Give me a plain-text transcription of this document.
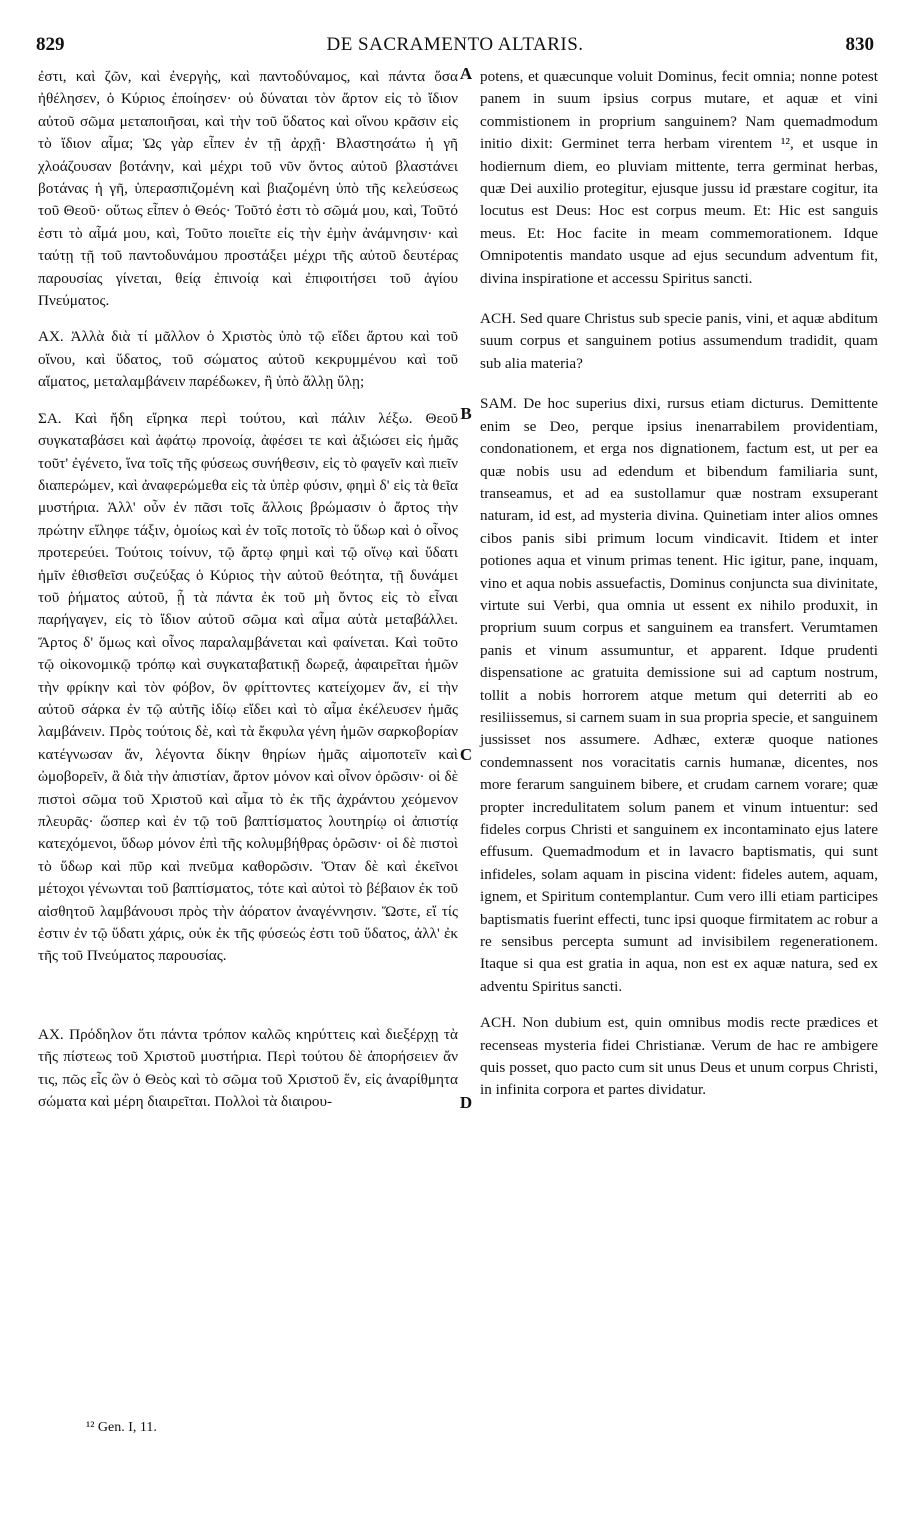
829	DE SACRAMENTO ALTARIS.	830

ἐστι, καὶ ζῶν, καὶ ἐνεργὴς, καὶ παντοδύναμος, καὶ πάντα ὅσα ἠθέλησεν, ὁ Κύριος ἐποίησεν· οὐ δύναται τὸν ἄρτον εἰς τὸ ἴδιον αὐτοῦ σῶμα μεταποιῆσαι, καὶ τὴν τοῦ ὕδατος καὶ οἴνου κρᾶσιν εἰς τὸ ἴδιον αἷμα; Ὡς γὰρ εἶπεν ἐν τῇ ἀρχῇ· Βλαστησάτω ἡ γῆ χλοάζουσαν βοτάνην, καὶ μέχρι τοῦ νῦν ὄντος αὐτοῦ βλαστάνει βοτάνας ἡ γῆ, ὑπερασπιζομένη καὶ βιαζομένη ὑπὸ τῆς κελεύσεως τοῦ Θεοῦ· οὕτως εἶπεν ὁ Θεός· Τοῦτό ἐστι τὸ σῶμά μου, καὶ, Τοῦτό ἐστι τὸ αἷμά μου, καὶ, Τοῦτο ποιεῖτε εἰς τὴν ἐμὴν ἀνάμνησιν· καὶ ταύτῃ τῇ τοῦ παντοδυνάμου προστάξει μέχρι τῆς αὐτοῦ δευτέρας παρουσίας γίνεται, θείᾳ ἐπινοίᾳ καὶ ἐπιφοιτήσει τοῦ ἁγίου Πνεύματος.

ΑΧ. Ἀλλὰ διὰ τί μᾶλλον ὁ Χριστὸς ὑπὸ τῷ εἴδει ἄρτου καὶ τοῦ οἴνου, καὶ ὕδατος, τοῦ σώματος αὐτοῦ κεκρυμμένου καὶ τοῦ αἵματος, μεταλαμβάνειν παρέδωκεν, ἢ ὑπὸ ἄλλῃ ὕλῃ;

ΣΑ. Καὶ ἤδη εἴρηκα περὶ τούτου, καὶ πάλιν λέξω. Θεοῦ συγκαταβάσει καὶ ἀφάτῳ προνοίᾳ, ἀφέσει τε καὶ ἀξιώσει εἰς ἡμᾶς τοῦτ' ἐγένετο, ἵνα τοῖς τῆς φύσεως συνήθεσιν, εἰς τὸ φαγεῖν καὶ πιεῖν διαπερώμεν, καὶ ἀναφερώμεθα εἰς τὰ ὑπὲρ φύσιν, φημὶ δ' εἰς τὰ θεῖα μυστήρια. Ἀλλ' οὖν ἐν πᾶσι τοῖς ἄλλοις βρώμασιν ὁ ἄρτος τὴν πρώτην εἴληφε τάξιν, ὁμοίως καὶ ἐν τοῖς ποτοῖς τὸ ὕδωρ καὶ ὁ οἶνος προτερεύει. Τούτοις τοίνυν, τῷ ἄρτῳ φημὶ καὶ τῷ οἴνῳ καὶ ὕδατι ἡμῖν ἐθισθεῖσι συζεύξας ὁ Κύριος τὴν αὐτοῦ θεότητα, τῇ δυνάμει τοῦ ῥήματος αὐτοῦ, ᾗ τὰ πάντα ἐκ τοῦ μὴ ὄντος εἰς τὸ εἶναι παρήγαγεν, εἰς τὸ ἴδιον αὐτοῦ σῶμα καὶ αἷμα αὐτὰ μεταβάλλει. Ἄρτος δ' ὅμως καὶ οἶνος παραλαμβάνεται καὶ φαίνεται. Καὶ τοῦτο τῷ οἰκονομικῷ τρόπῳ καὶ συγκαταβατικῇ δωρεᾷ, ἀφαιρεῖται ἡμῶν τὴν φρίκην καὶ τὸν φόβον, ὃν φρίττοντες κατείχομεν ἄν, εἰ τὴν αὐτοῦ σάρκα ἐν τῷ αὐτῆς ἰδίῳ εἴδει καὶ τὸ αἷμα ἐκέλευσεν ἡμᾶς λαμβάνειν. Πρὸς τούτοις δὲ, καὶ τὰ ἔκφυλα γένη ἡμῶν σαρκοβορίαν κατέγνωσαν ἄν, λέγοντα δίκην θηρίων ἡμᾶς αἱμοποτεῖν καὶ ὠμοβορεῖν, ἃ διὰ τὴν ἀπιστίαν, ἄρτον μόνον καὶ οἶνον ὁρῶσιν· οἱ δὲ πιστοὶ σῶμα τοῦ Χριστοῦ καὶ αἷμα τὸ ἐκ τῆς ἀχράντου χεόμενον πλευρᾶς· ὥσπερ καὶ ἐν τῷ τοῦ βαπτίσματος λουτηρίῳ οἱ ἀπιστίᾳ κατεχόμενοι, ὕδωρ μόνον ἐπὶ τῆς κολυμβήθρας ὁρῶσιν· οἱ δὲ πιστοὶ τὸ ὕδωρ καὶ πῦρ καὶ πνεῦμα καθορῶσιν. Ὅταν δὲ καὶ ἐκεῖνοι μέτοχοι γένωνται τοῦ βαπτίσματος, τότε καὶ αὐτοὶ τὸ βέβαιον ἐκ τοῦ αἰσθητοῦ λαμβάνουσι πρὸς τὴν ἀόρατον ἀναγέννησιν. Ὥστε, εἴ τίς ἐστιν ἐν τῷ ὕδατι χάρις, οὐκ ἐκ τῆς φύσεώς ἐστι τοῦ ὕδατος, ἀλλ' ἐκ τῆς τοῦ Πνεύματος παρουσίας.

ΑΧ. Πρόδηλον ὅτι πάντα τρόπον καλῶς κηρύττεις καὶ διεξέρχῃ τὰ τῆς πίστεως τοῦ Χριστοῦ μυστήρια. Περὶ τούτου δὲ ἀπορήσειεν ἄν τις, πῶς εἷς ὢν ὁ Θεὸς καὶ τὸ σῶμα τοῦ Χριστοῦ ἕν, εἰς ἀναρίθμητα σώματα καὶ μέρη διαιρεῖται. Πολλοὶ τὰ διαιρου-

potens, et quæcunque voluit Dominus, fecit omnia; nonne potest panem in suum ipsius corpus mutare, et aquæ et vini commistionem in proprium sanguinem? Nam quemadmodum initio dixit: Germinet terra herbam virentem ¹², et usque in hodiernum diem, eo pluviam mittente, terra germinat herbas, quæ Dei auxilio protegitur, ejusque jussu id præstare cogitur, ita locutus est Deus: Hoc est corpus meum. Et: Hic est sanguis meus. Et: Hoc facite in meam commemorationem. Idque Omnipotentis mandato usque ad ejus secundum adventum fit, divina inspiratione et accessu Spiritus sancti.

ACH. Sed quare Christus sub specie panis, vini, et aquæ abditum suum corpus et sanguinem potius assumendum tradidit, quam sub alia materia?

SAM. De hoc superius dixi, rursus etiam dicturus. Demittente enim se Deo, perque ipsius inenarrabilem providentiam, condonationem, et erga nos dignationem, factum est, ut per ea quæ nobis usu ad edendum et bibendum familiaria sunt, transeamus, et ad ea sustollamur quæ nostram exsuperant naturam, id est, ad mysteria divina. Quinetiam inter alios omnes cibos panis sibi primum locum vindicavit. Itidem et inter potiones aqua et vinum primas tenent. Hic igitur, pane, inquam, vino et aqua nobis assuefactis, Dominus conjuncta sua divinitate, virtute sui Verbi, qua omnia ut essent ex nihilo produxit, in proprium suum corpus et sanguinem ea transfert. Verumtamen panis et vinum assumuntur, et apparent. Idque prudenti dispensatione ac gratuita demissione sui ad captum nostrum, tollit a nobis horrorem atque metum qui deterriti ab eo resiliissemus, si carnem suam in sua propria specie, et sanguinem jussisset nos assumere. Adhæc, exteræ quoque nationes condemnassent nos voracitatis carnis humanæ, dicentes, nos more ferarum sanguinem bibere, et crudam carnem vorare; quæ propter incredulitatem solum panem et vinum intuentur: sed fideles corpus Christi et sanguinem ex incontaminato ejus latere effusum. Quemadmodum et in lavacro baptismatis, qui sunt infideles, solam aquam in piscina vident: fideles autem, aquam, ignem, et Spiritum contemplantur. Cum vero illi etiam participes baptismatis fuerint effecti, tunc ipsi quoque firmitatem ac robur a re sensibus percepta sumunt ad invisibilem regenerationem. Itaque si qua est gratia in aqua, non est ex aquæ natura, sed ex adventu Spiritus sancti.

ACH. Non dubium est, quin omnibus modis recte prædices et recenseas mysteria fidei Christianæ. Verum de hac re ambigere quis posset, quo pacto cum sit unus Deus et unum corpus Christi, in infinita corpora et partes dividatur.

A
B
C
D
¹² Gen. I, 11.
